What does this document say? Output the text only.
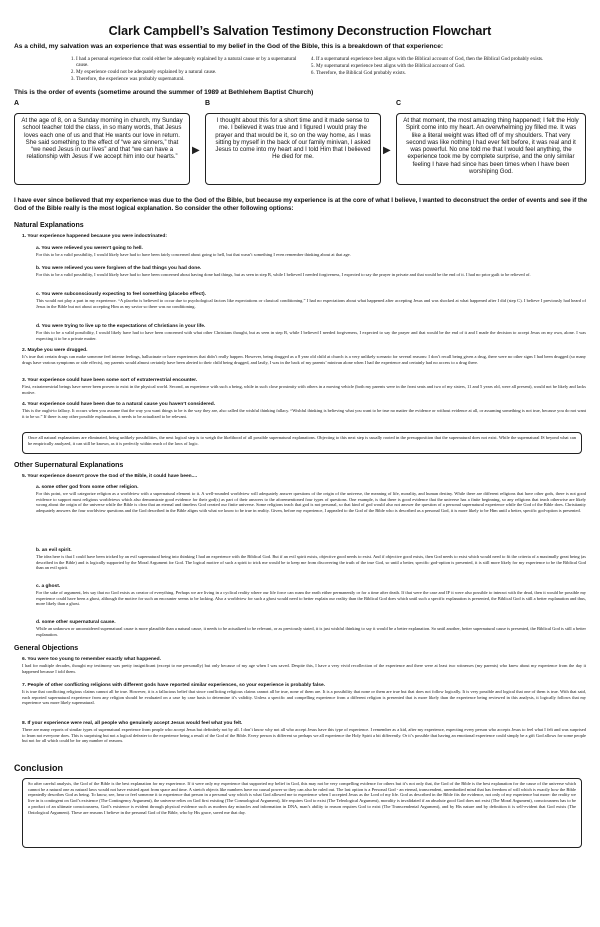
Clark Campbell’s Salvation Testimony Deconstruction Flowchart
As a child, my salvation was an experience that was essential to my belief in the God of the Bible, this is a breakdown of that experience:
1. I had a personal experience that could either be adequately explained by a natural cause or by a supernatural cause.
2. My experience could not be adequately explained by a natural cause.
3. Therefore, the experience was probably supernatural.
4. If a supernatural experience best aligns with the Biblical account of God, then the Biblical God probably exists.
5. My supernatural experience best aligns with the Biblical account of God.
6. Therefore, the Biblical God probably exists.
This is the order of events (sometime around the summer of 1989 at Bethlehem Baptist Church)
A	B	C
At the age of 8, on a Sunday morning in church, my Sunday school teacher told the class, in so many words, that Jesus loves each one of us and that He wants our love in return. She said something to the effect of “we are sinners,” that “we need Jesus in our lives” and that “we can have a relationship with Jesus if we accept him into our hearts.”
▶
I thought about this for a short time and it made sense to me. I believed it was true and I figured I would pray the prayer and that would be it, so on the way home, as I was sitting by myself in the back of our family minivan, I asked Jesus to come into my heart and I told Him that I believed He died for me.
▶
At that moment, the most amazing thing happened; I felt the Holy Spirit come into my heart. An overwhelming joy filled me. It was like a literal weight was lifted off of my shoulders. That very second was like nothing I had ever felt before, it was real and it was powerful. No one told me that I would feel anything, the experience took me by complete surprise, and the only similar feeling I have had since has been times when I have been worshiping God.
I have ever since believed that my experience was due to the God of the Bible, but because my experience is at the core of what I believe, I wanted to deconstruct the order of events and see if the God of the Bible really is the most logical explanation. So consider the other following options:
Natural Explanations
1. Your experience happened because you were indoctrinated:
a. You were relieved you weren’t going to hell.
For this to be a valid possibility, I would likely have had to have been fairly concerned about going to hell, but that wasn’t something I even remember thinking about at that age.
b. You were relieved you were forgiven of the bad things you had done.
For this to be a valid possibility, I would likely have had to have been concerned about having done bad things, but as seen in step B, while I believed I needed forgiveness, I expected to say the prayer in private and that would be the end of it. I had no prior guilt to be relieved of.
c. You were subconsciously expecting to feel something (placebo effect).
This would not play a part in my experience. “A placebo is believed to occur due to psychological factors like expectations or classical conditioning.” I had no expectations about what happened after accepting Jesus and was shocked at what happened after I did (step C). I believe I previously had heard of Jesus in the Bible but not about accepting Him as my savior so there was no conditioning.
d. You were trying to live up to the expectations of Christians in your life.
For this to be a valid possibility, I would likely have had to have been concerned with what other Christians thought, but as seen in step B, while I believed I needed forgiveness, I expected to say the prayer and that would be the end of it and I made the decision to accept Jesus on my own, alone. I was expecting it to be a private matter.
2. Maybe you were drugged.
It’s true that certain drugs can make someone feel intense feelings, hallucinate or have experiences that didn’t really happen. However, being drugged as a 8 year old child at church is a very unlikely scenario for several reasons: I don’t recall being given a drug, there were no other signs I had been drugged (so many drugs have various symptoms or side effects), my parents would almost certainly have been alerted to their child being drugged, and lastly, I was in the back of my parents’ minivan alone when I had the experience and certainly had no access to a drug there.
3. Your experience could have been some sort of extraterrestrial encounter.
First, extraterrestrial beings have never been proven to exist in the physical world. Second, an experience with such a being, while in such close proximity with others in a moving vehicle (both my parents were in the front seats and two of my sisters, 11 and 5 years old, were all present), would not be likely and lacks motive.
4. Your experience could have been due to a natural cause you haven’t considered.
This is the ought-to fallacy. It occurs when you assume that the way you want things to be is the way they are, also called the wishful thinking fallacy. “Wishful thinking is believing what you want to be true no matter the evidence or without evidence at all, or assuming something is not true, because you do not want it to be so.” If there is any other possible explanation, it needs to be actualized to be relevant.
Once all natural explanations are eliminated, being unlikely possibilities, the next logical step is to weigh the likelihood of all possible supernatural explanations. Objecting to this next step is usually rooted in the presupposition that the supernatural does not exist. While the supernatural IS beyond what can be empirically analyzed, it can still be known, as it is perfectly within reach of the laws of logic.
Other Supernatural Explanations
5. Your experience doesn’t prove the God of the Bible, it could have been....
a. some other god from some other religion.
For this point, we will categorize religion as a worldview with a supernatural element to it. A well-rounded worldview will adequately answer questions of the origin of the universe, the meaning of life, morality, and human destiny. While there are different religions that have other gods, there is not good evidence to support most religious worldviews which also demonstrate good evidence for their god(s) as part of their answers to the aforementioned four types of questions. One example, is that there is good evidence that the universe has a finite beginning, so any religions that teach otherwise are likely wrong about the origin of the universe while the Bible is clear that an eternal and timeless God created our finite universe. Some religions teach that god is not personal, so that kind of god would also not answer the question of a personal supernatural experience while the God of the Bible does. Christianity adequately answers the four worldview questions and the God described in the Bible aligns with what we know to be true in reality. Given, before my experience, I appealed to the God of the Bible who is described as a personal God, it is more likely to be Him until a better, specific god-option is presented.
b. an evil spirit.
The idea here is that I could have been tricked by an evil supernatural being into thinking I had an experience with the Biblical God. But if an evil spirit exists, objective good needs to exist. And if objective good exists, then God needs to exist which would need to fit the criteria of a maximally great being (as described in the Bible) and is logically supported by the Moral Argument for God. The logical motive of such a spirit to trick me would be to keep me from discovering the truth of the true God, so until a better, specific god-option is presented, it is still more likely for my experience to be the Biblical God than an evil spirit.
c. a ghost.
For the sake of argument, lets say that no God exists as creator of everything. Perhaps we are living in a cyclical reality where our life force can roam the earth either permanently or for a time after death. If that were the case and IF it were also possible to interact with the dead, then it would be possible my experience could have been a ghost, although the motive for such an encounter seems to be lacking. Also a worldview for such a ghost would need to better explain our reality than the Biblical God does which until such a specific explanation is presented, the Biblical God is still a better explanation and thus, more likely than a ghost.
d. some other supernatural cause.
While an unknown or unconsidered supernatural cause is more plausible than a natural cause, it needs to be actualized to be relevant, or as previously stated, it is just wishful thinking to say it would be a better explanation. So until another, better supernatural cause is presented, the Biblical God is still a better explanation.
General Objections
6. You were too young to remember exactly what happened.
I had for multiple decades, thought my testimony was pretty insignificant (except to me personally) but only because of my age when I was saved. Despite this, I have a very vivid recollection of the experience and there were at least two witnesses (my parents) who knew about my experience from the day it happened because I told them.
7. People of other conflicting religions with different gods have reported similar experiences, so your experience is probably false.
It is true that conflicting religious claims cannot all be true. However, it is a fallacious belief that since conflicting religious claims cannot all be true, none of them are. It is a possibility that none or them are true but that does not follow logically. It is very possible and logical that one of them is true. With that said, each reported supernatural experience from any religion should be evaluated on a case by case basis to determine it’s validity. Unless a specific and compelling experience from a different religion is presented that is more likely than the experience being reviewed in this analysis, it logically follows that my experience was more likely supernatural.
8. If your experience were real, all people who genuinely accept Jesus would feel what you felt.
There are many reports of similar types of supernatural experience from people who accept Jesus but definitely not by all. I don’t know why not all who accept Jesus have this type of experience. I remember as a kid, after my experience, expecting every person who accepts Jesus to feel what I felt and was surprised to learn not everyone does. This is surprising but not a logical defeater to the experience being a result of the God of the Bible. Every person is different so perhaps we all experience the Holy Spirit a bit differently. Or it’s possible that having an emotional experience could simply be a gift God allows for some people but not for all which could be for any number of reasons.
Conclusion
So after careful analysis, the God of the Bible is the best explanation for my experience. If it were only my experience that supported my belief in God, this may not be very compelling evidence for others but it’s not only that, the God of the Bible is the best explanation for the cause of the universe which cannot be a natural one as natural laws would not have existed apart from space and time. A stretch objects like numbers have no causal power so they can also be ruled out. The last option is a Personal God - an eternal, transcendent, unembodied mind that has freedom of will which is exactly how the Bible repeatedly describes God as being. To know, see, hear or feel someone it to experience that person in a personal way which is what God allowed me to experience when I accepted Jesus as the Lord of my life. God as described in the Bible fits the evidence, not only of my experience but more: the reality we live in is contingent on God’s existence (The Contingency Argument), the universe relies on God first existing (The Cosmological Argument), life requires God to exist (The Teleological Argument), morality is invalidated if an absolute good God does not exist (The Moral Argument), consciousness has to be a product of an ultimate consciousness, God’s existence is evident through physical evidence such as modern day miracles and information in DNA, man’s ability to reason requires God to exist (The Transcendental Argument), and by His nature and by definition it is self-evident that God exists (The Ontological Argument). These are reasons I believe in the personal God of the Bible, who by His grace, saved me that day.
